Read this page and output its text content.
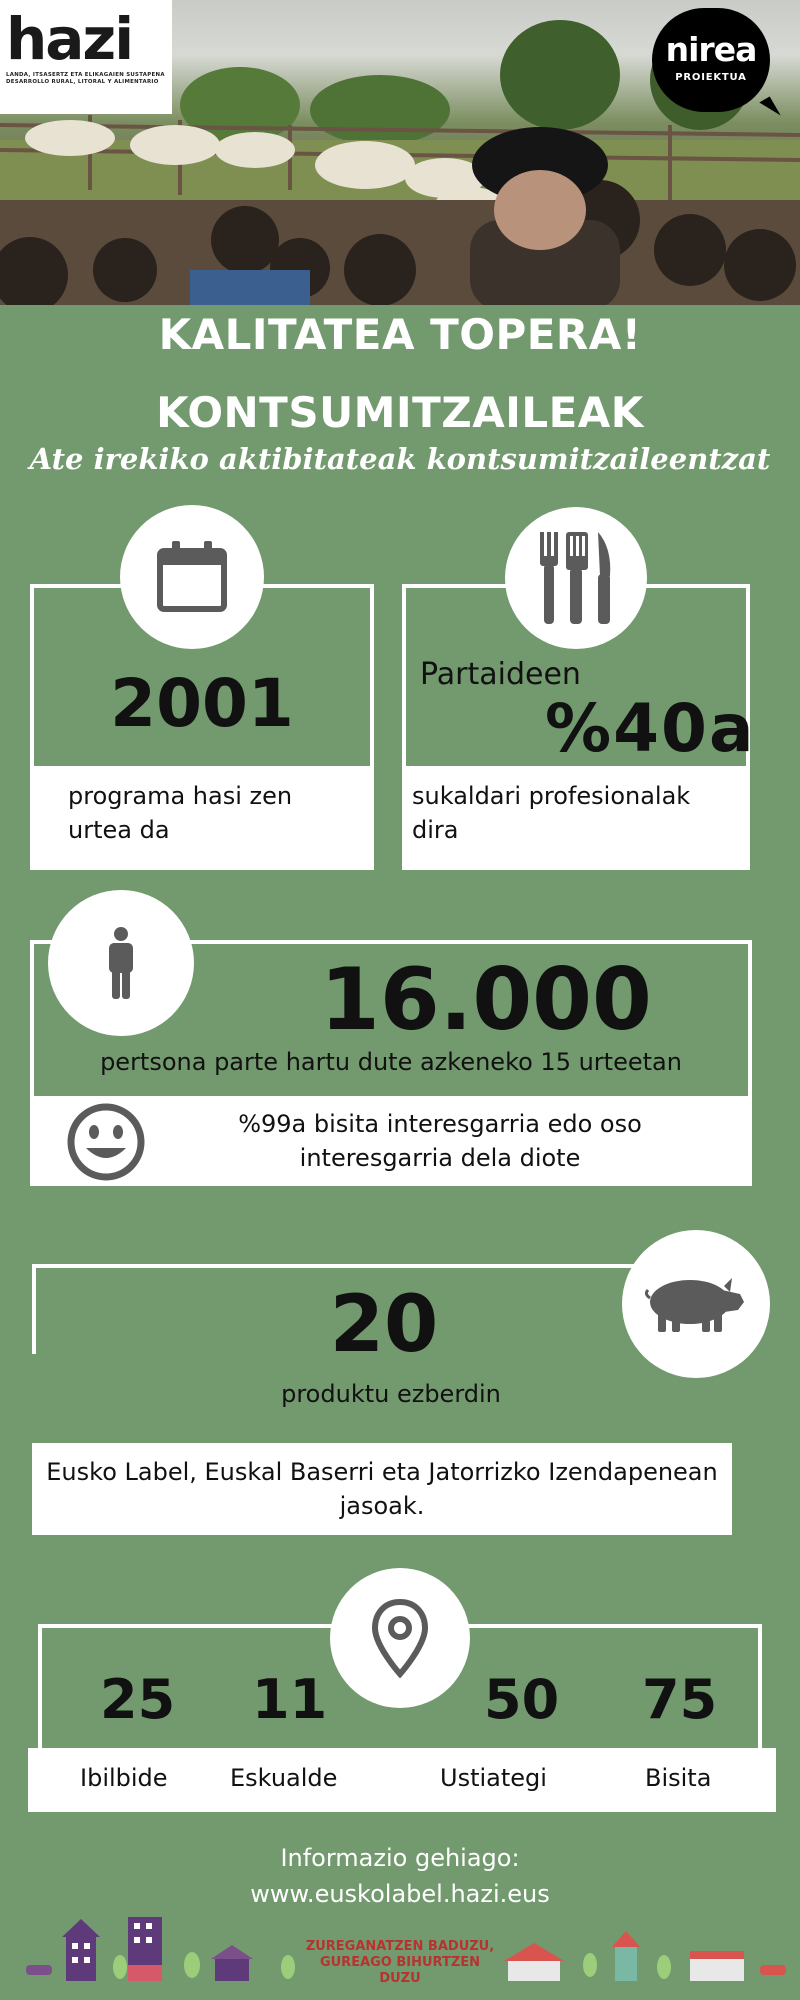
hazi
LANDA, ITSASERTZ ETA ELIKAGAIEN SUSTAPENA
DESARROLLO RURAL, LITORAL Y ALIMENTARIO
nirea
PROIEKTUA
KALITATEA TOPERA!
KONTSUMITZAILEAK
Ate irekiko aktibitateak kontsumitzaileentzat
2001
programa hasi zen urtea da
Partaideen
%40a
sukaldari profesionalak dira
16.000
pertsona parte hartu dute azkeneko 15 urteetan
%99a bisita interesgarria edo oso interesgarria dela diote
20
produktu ezberdin
Eusko Label, Euskal Baserri eta Jatorrizko Izendapenean jasoak.
25 11	50 75
Ibilbide	Eskualde	Ustiategi	Bisita
Informazio gehiago:
www.euskolabel.hazi.eus
ZUREGANATZEN BADUZU,
GUREAGO BIHURTZEN DUZU
